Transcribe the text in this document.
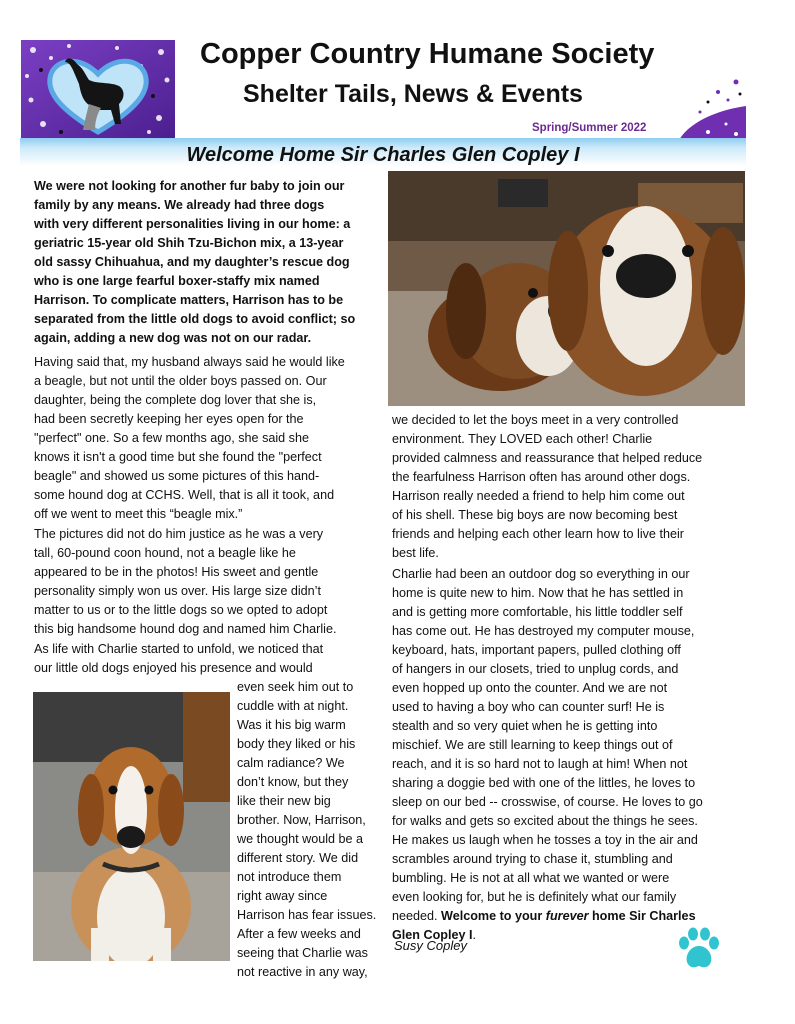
Copper Country Humane Society
Shelter Tails, News & Events
Spring/Summer 2022
Welcome Home Sir Charles Glen Copley I
We were not looking for another fur baby to join our
family by any means. We already had three dogs
with very different personalities living in our home: a
geriatric 15-year old Shih Tzu-Bichon mix, a 13-year
old sassy Chihuahua, and my daughter’s rescue dog
who is one large fearful boxer-staffy mix named
Harrison. To complicate matters, Harrison has to be
separated from the little old dogs to avoid conflict; so
again, adding a new dog was not on our radar.
Having said that, my husband always said he would like
a beagle, but not until the older boys passed on. Our
daughter, being the complete dog lover that she is,
had been secretly keeping her eyes open for the
"perfect" one. So a few months ago, she said she
knows it isn't a good time but she found the "perfect
beagle" and showed us some pictures of this hand-
some hound dog at CCHS. Well, that is all it took, and
off we went to meet this “beagle mix.”
The pictures did not do him justice as he was a very
tall, 60-pound coon hound, not a beagle like he
appeared to be in the photos! His sweet and gentle
personality simply won us over. His large size didn’t
matter to us or to the little dogs so we opted to adopt
this big handsome hound dog and named him Charlie.
As life with Charlie started to unfold, we noticed that
our little old dogs enjoyed his presence and would
even seek him out to
cuddle with at night.
Was it his big warm
body they liked or his
calm radiance? We
don’t know, but they
like their new big
brother. Now, Harrison,
we thought would be a
different story. We did
not introduce them
right away since
Harrison has fear issues.
After a few weeks and
seeing that Charlie was
not reactive in any way,
we decided to let the boys meet in a very controlled
environment. They LOVED each other! Charlie
provided calmness and reassurance that helped reduce
the fearfulness Harrison often has around other dogs.
Harrison really needed a friend to help him come out
of his shell. These big boys are now becoming best
friends and helping each other learn how to live their
best life.
Charlie had been an outdoor dog so everything in our
home is quite new to him. Now that he has settled in
and is getting more comfortable, his little toddler self
has come out. He has destroyed my computer mouse,
keyboard, hats, important papers, pulled clothing off
of hangers in our closets, tried to unplug cords, and
even hopped up onto the counter. And we are not
used to having a boy who can counter surf! He is
stealth and so very quiet when he is getting into
mischief. We are still learning to keep things out of
reach, and it is so hard not to laugh at him! When not
sharing a doggie bed with one of the littles, he loves to
sleep on our bed -- crosswise, of course. He loves to go
for walks and gets so excited about the things he sees.
He makes us laugh when he tosses a toy in the air and
scrambles around trying to chase it, stumbling and
bumbling. He is not at all what we wanted or were
even looking for, but he is definitely what our family
needed. Welcome to your furever home Sir Charles
Glen Copley I.
Susy Copley
